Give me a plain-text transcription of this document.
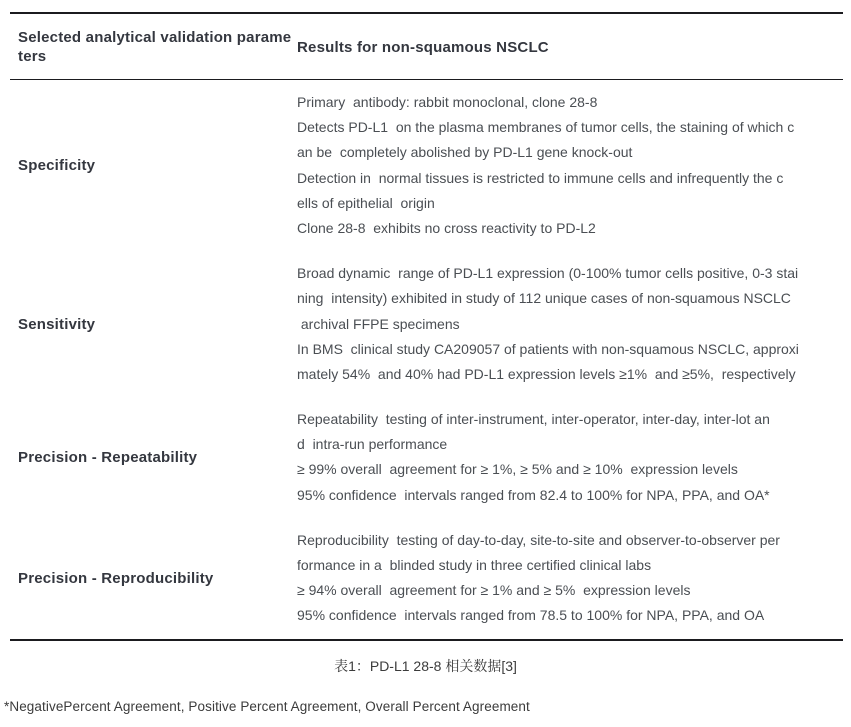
Selected analytical validation parame
ters
Results for non-squamous NSCLC
Specificity
Primary  antibody: rabbit monoclonal, clone 28-8
Detects PD-L1  on the plasma membranes of tumor cells, the staining of which c
an be  completely abolished by PD-L1 gene knock-out
Detection in  normal tissues is restricted to immune cells and infrequently the c
ells of epithelial  origin
Clone 28-8  exhibits no cross reactivity to PD-L2
Sensitivity
Broad dynamic  range of PD-L1 expression (0-100% tumor cells positive, 0-3 stai
ning  intensity) exhibited in study of 112 unique cases of non-squamous NSCLC
archival FFPE specimens
In BMS  clinical study CA209057 of patients with non-squamous NSCLC, approxi
mately 54%  and 40% had PD-L1 expression levels ≥1%  and ≥5%,  respectively
Precision - Repeatability
Repeatability  testing of inter-instrument, inter-operator, inter-day, inter-lot an
d  intra-run performance
≥ 99% overall  agreement for ≥ 1%, ≥ 5% and ≥ 10%  expression levels
95% confidence  intervals ranged from 82.4 to 100% for NPA, PPA, and OA*
Precision - Reproducibility
Reproducibility  testing of day-to-day, site-to-site and observer-to-observer per
formance in a  blinded study in three certified clinical labs
≥ 94% overall  agreement for ≥ 1% and ≥ 5%  expression levels
95% confidence  intervals ranged from 78.5 to 100% for NPA, PPA, and OA
表1：PD-L1 28-8 相关数据[3]
*NegativePercent Agreement, Positive Percent Agreement, Overall Percent Agreement
